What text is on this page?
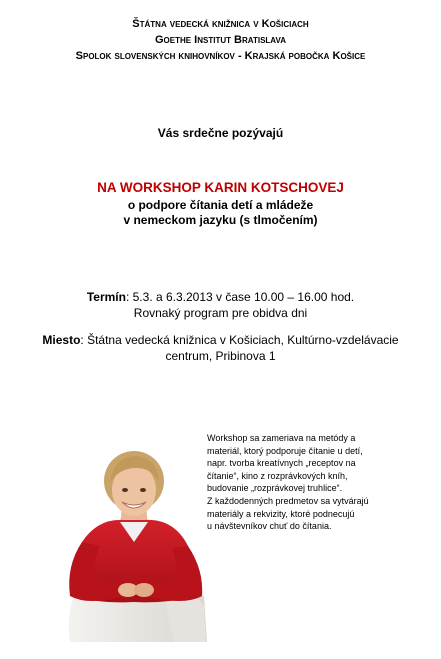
Štátna vedecká knižnica v Košiciach
Goethe Institut Bratislava
Spolok slovenských knihovníkov - Krajská pobočka Košice
Vás srdečne pozývajú
NA WORKSHOP KARIN KOTSCHOVEJ
o podpore čítania detí a mládeže
v nemeckom jazyku (s tlmočením)
Termín: 5.3. a 6.3.2013 v čase 10.00 – 16.00 hod.
Rovnaký program pre obidva dni
Miesto: Štátna vedecká knižnica v Košiciach, Kultúrno-vzdelávacie
centrum, Pribinova 1
Workshop sa zameriava na metódy a
materiál, ktorý podporuje čítanie u detí,
napr. tvorba kreatívnych „receptov na
čítanie“, kino z rozprávkových kníh,
budovanie „rozprávkovej truhlice“.
Z každodenných predmetov sa vytvárajú
materiály a rekvizity, ktoré podnecujú
u návštevníkov chuť do čítania.
